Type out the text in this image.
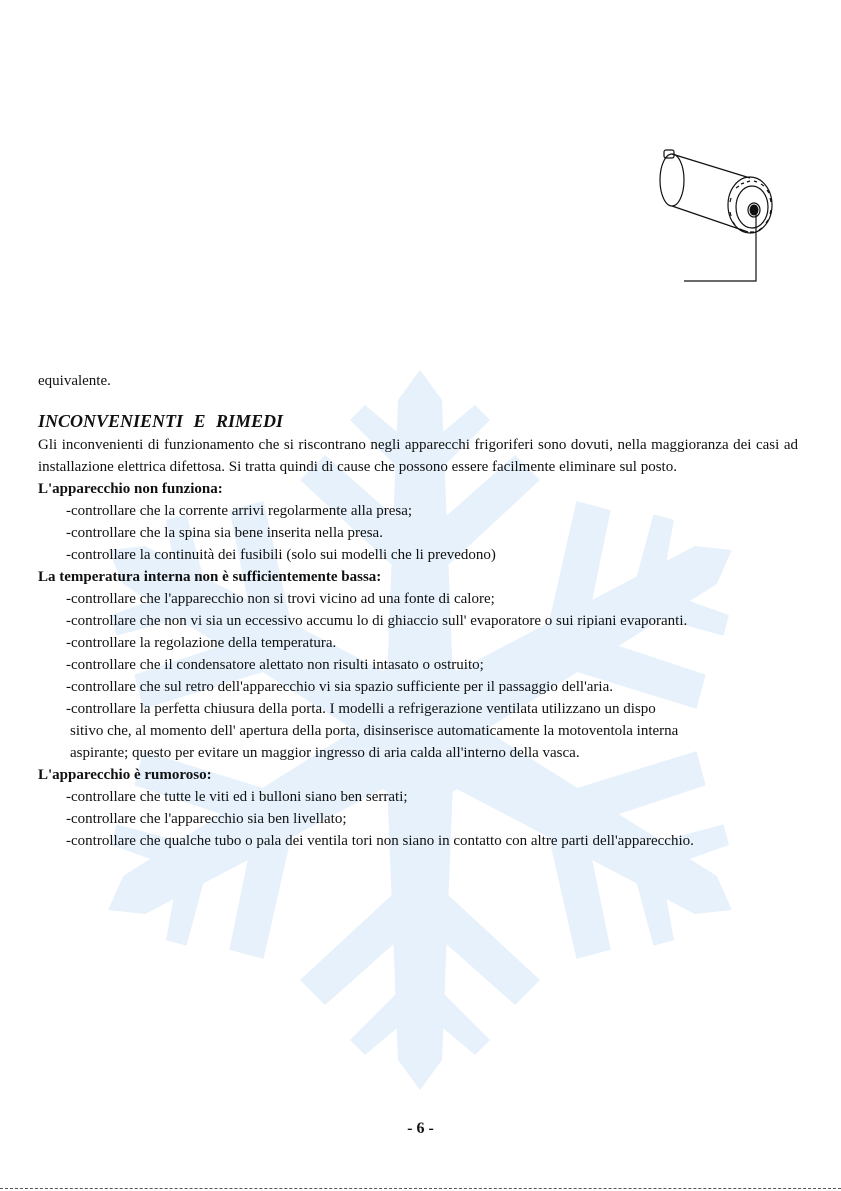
equivalente.
INCONVENIENTI E RIMEDI

Gli inconvenienti di funzionamento che si riscontrano negli apparecchi frigoriferi sono dovuti, nella maggioranza dei casi ad installazione elettrica difettosa. Si tratta quindi di cause che possono essere facilmente eliminare sul posto.

L'apparecchio non funziona:
-controllare che la corrente arrivi regolarmente alla presa;
-controllare che la spina sia bene inserita nella presa.
-controllare la continuità dei fusibili (solo sui modelli che li prevedono)
La temperatura interna non è sufficientemente bassa:
-controllare che l'apparecchio non si trovi vicino ad una fonte di calore;
-controllare che non vi sia un eccessivo accumu lo di ghiaccio sull' evaporatore o sui ripiani evaporanti.
-controllare la regolazione della temperatura.
-controllare che il condensatore alettato non risulti intasato o ostruito;
-controllare che sul retro dell'apparecchio vi sia spazio sufficiente per il passaggio dell'aria.
-controllare la perfetta chiusura della porta. I modelli a refrigerazione ventilata utilizzano un dispo
sitivo che, al momento dell' apertura della porta, disinserisce automaticamente la motoventola interna
aspirante; questo per evitare un maggior ingresso di aria calda all'interno della vasca.
L'apparecchio è rumoroso:
-controllare che tutte le viti ed i bulloni siano ben serrati;
-controllare che l'apparecchio sia ben livellato;
-controllare che qualche tubo o pala dei ventila tori non siano in contatto con altre parti dell'apparecchio.
- 6 -
